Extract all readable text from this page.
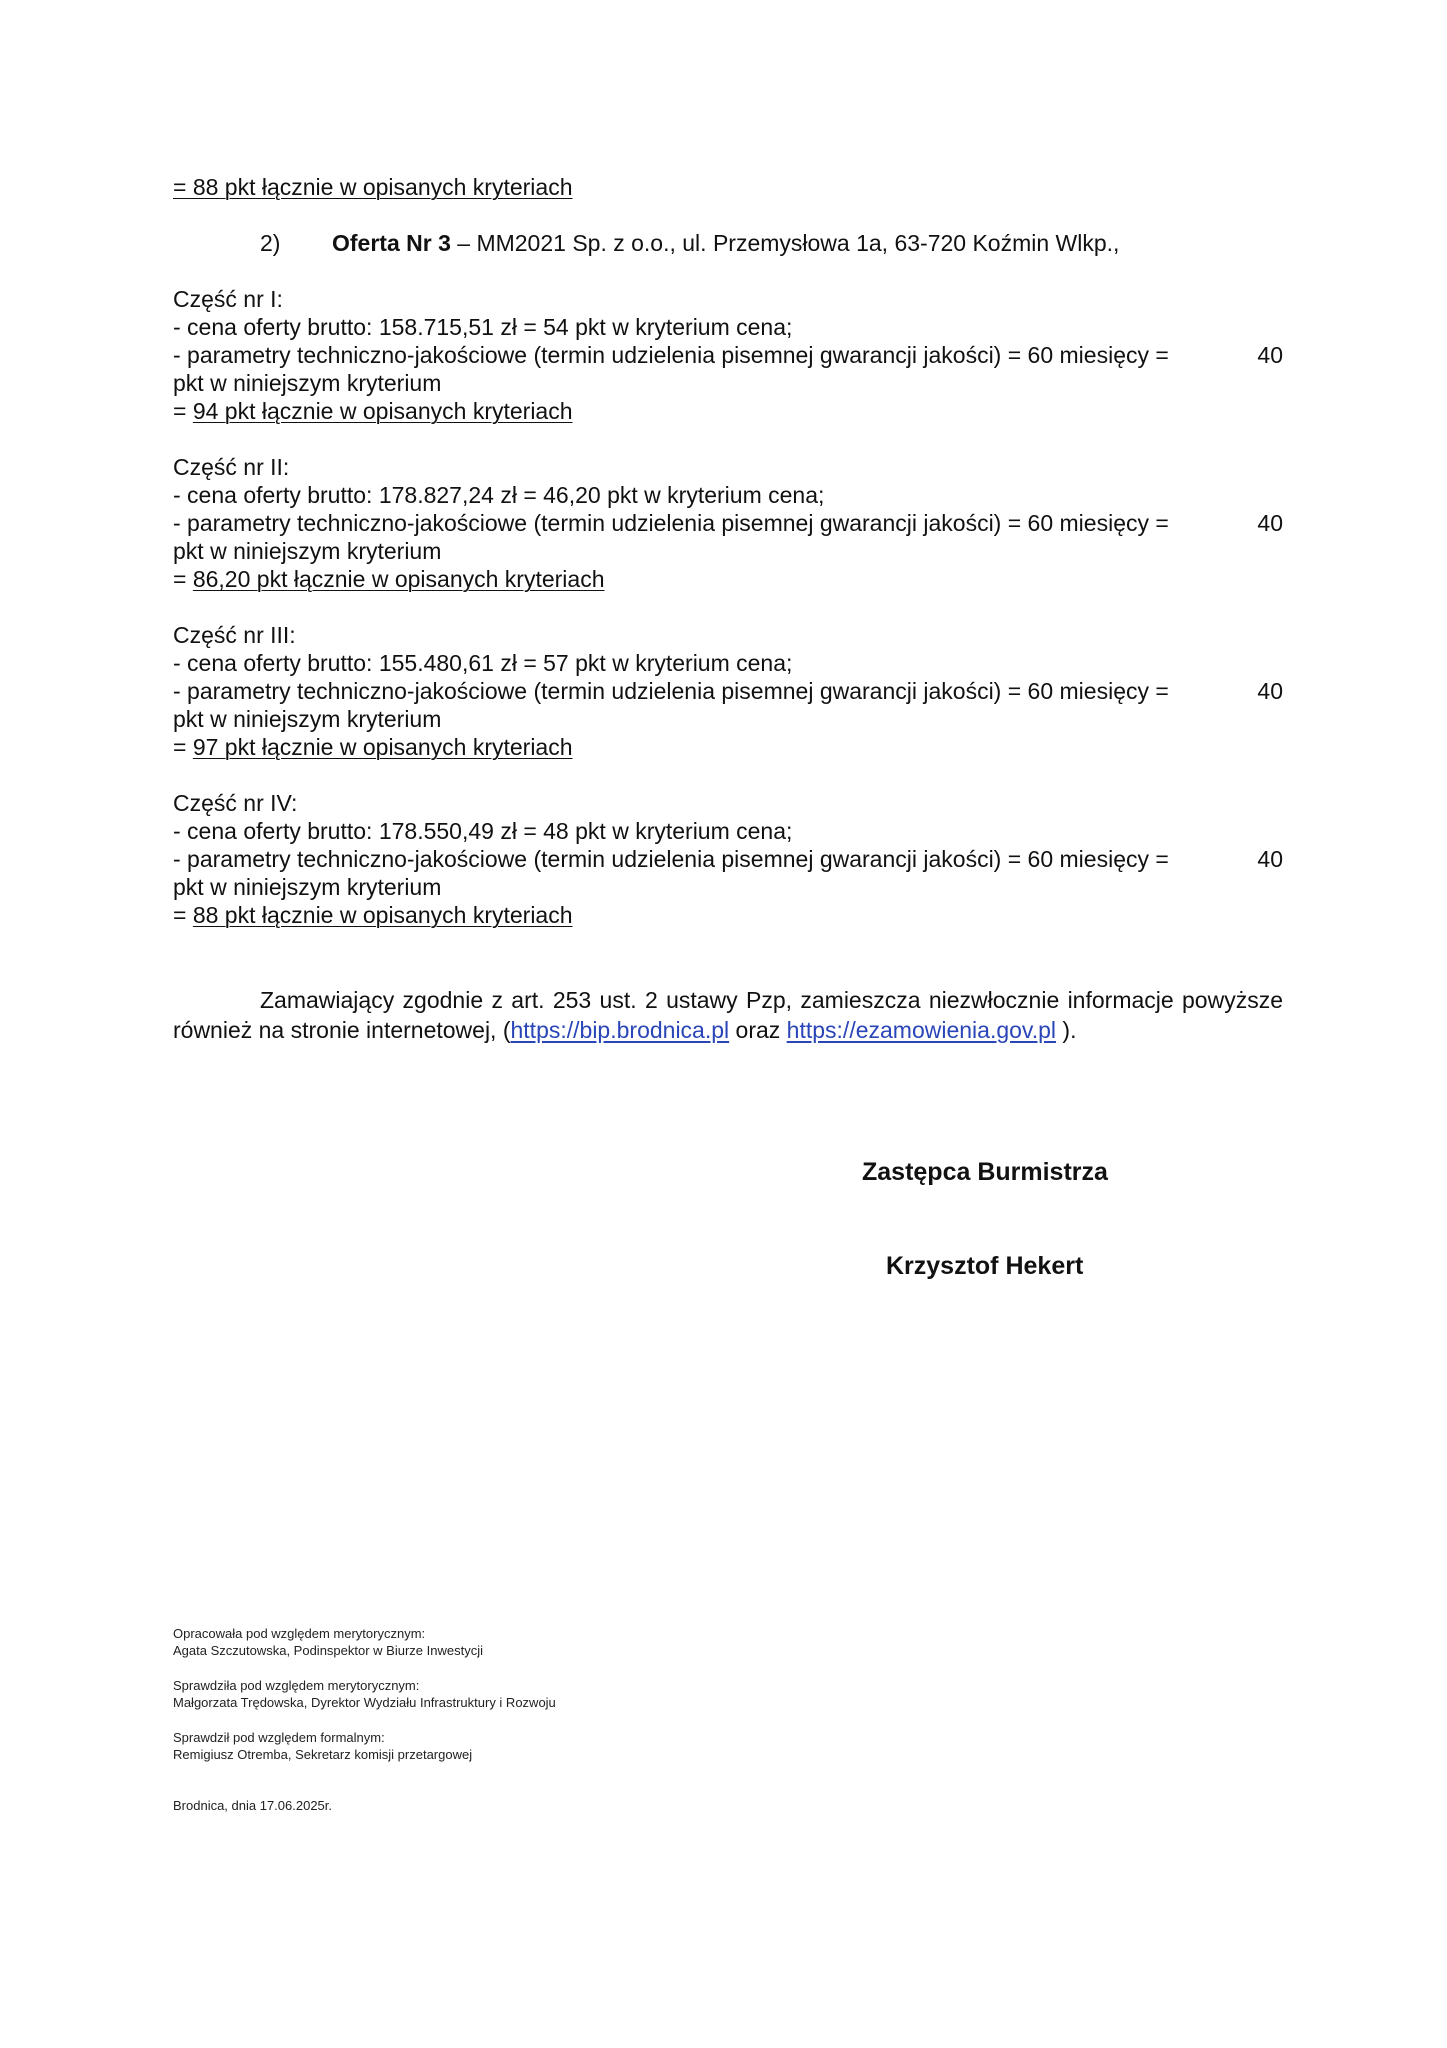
= 88 pkt łącznie w opisanych kryteriach
2) Oferta Nr 3 – MM2021 Sp. z o.o., ul. Przemysłowa 1a, 63-720 Koźmin Wlkp.,
Część nr I:
- cena oferty brutto: 158.715,51 zł = 54 pkt w kryterium cena;
- parametry techniczno-jakościowe (termin udzielenia pisemnej gwarancji jakości) = 60 miesięcy =	40
pkt w niniejszym kryterium
= 94 pkt łącznie w opisanych kryteriach
Część nr II:
- cena oferty brutto: 178.827,24 zł = 46,20 pkt w kryterium cena;
- parametry techniczno-jakościowe (termin udzielenia pisemnej gwarancji jakości) = 60 miesięcy =	40
pkt w niniejszym kryterium
= 86,20 pkt łącznie w opisanych kryteriach
Część nr III:
- cena oferty brutto: 155.480,61 zł = 57 pkt w kryterium cena;
- parametry techniczno-jakościowe (termin udzielenia pisemnej gwarancji jakości) = 60 miesięcy =	40
pkt w niniejszym kryterium
= 97 pkt łącznie w opisanych kryteriach
Część nr IV:
- cena oferty brutto: 178.550,49 zł = 48 pkt w kryterium cena;
- parametry techniczno-jakościowe (termin udzielenia pisemnej gwarancji jakości) = 60 miesięcy =	40
pkt w niniejszym kryterium
= 88 pkt łącznie w opisanych kryteriach
Zamawiający zgodnie z art. 253 ust. 2 ustawy Pzp, zamieszcza niezwłocznie informacje powyższe również na stronie internetowej, (https://bip.brodnica.pl oraz https://ezamowienia.gov.pl ).
Zastępca Burmistrza
Krzysztof Hekert
Opracowała pod względem merytorycznym:
Agata Szczutowska, Podinspektor w Biurze Inwestycji
Sprawdziła pod względem merytorycznym:
Małgorzata Trędowska, Dyrektor Wydziału Infrastruktury i Rozwoju
Sprawdził pod względem formalnym:
Remigiusz Otremba, Sekretarz komisji przetargowej
Brodnica, dnia 17.06.2025r.
